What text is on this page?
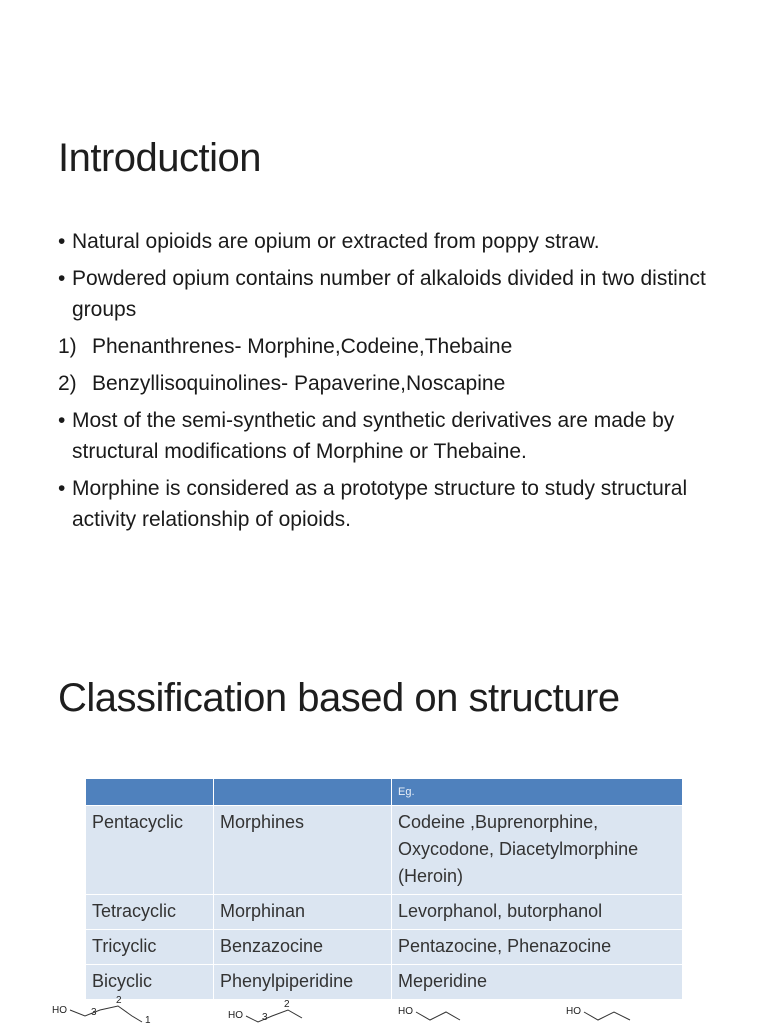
Introduction
• Natural opioids are opium or extracted from poppy straw.
• Powdered opium contains number of alkaloids divided in two distinct groups
1) Phenanthrenes- Morphine,Codeine,Thebaine
2) Benzyllisoquinolines- Papaverine,Noscapine
• Most of the semi-synthetic and synthetic derivatives are made by structural modifications of Morphine or Thebaine.
• Morphine is considered as a prototype structure to study structural activity relationship of opioids.
Classification based on structure
		Eg.
Pentacyclic	Morphines	Codeine ,Buprenorphine, Oxycodone, Diacetylmorphine (Heroin)
Tetracyclic	Morphinan	Levorphanol, butorphanol
Tricyclic	Benzazocine	Pentazocine, Phenazocine
Bicyclic	Phenylpiperidine	Meperidine
HO 3
2
1	HO 3
2
HO	HO
